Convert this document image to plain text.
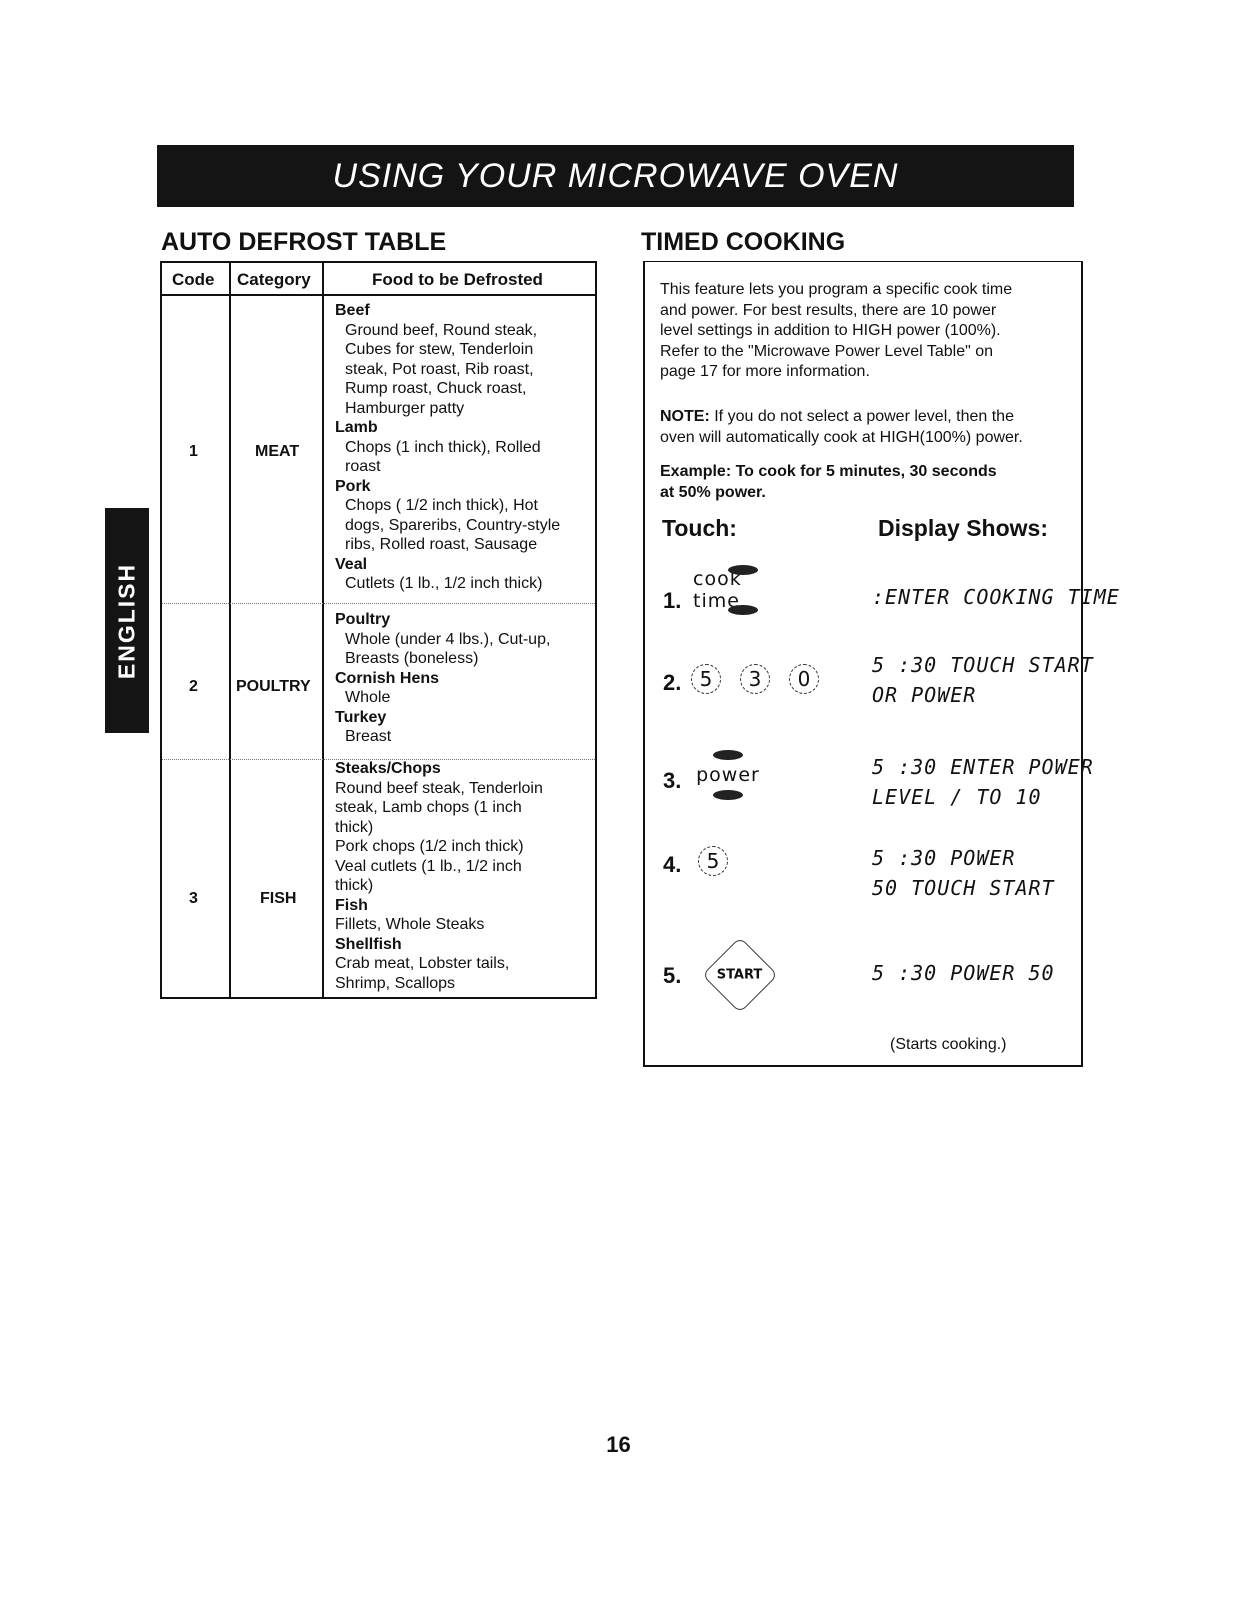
USING YOUR MICROWAVE OVEN
ENGLISH
AUTO DEFROST TABLE	TIMED COOKING
Code Category	Food to be Defrosted
1	MEAT
Beef
Ground beef, Round steak,
Cubes for stew, Tenderloin
steak, Pot roast, Rib roast,
Rump roast, Chuck roast,
Hamburger patty
Lamb
Chops (1 inch thick), Rolled
roast
Pork
Chops ( 1/2 inch thick), Hot
dogs, Spareribs, Country-style
ribs, Rolled roast, Sausage
Veal
Cutlets (1 lb., 1/2 inch thick)
2 POULTRY
Poultry
Whole (under 4 lbs.), Cut-up,
Breasts (boneless)
Cornish Hens
Whole
Turkey
Breast
3	FISH
Steaks/Chops
Round beef steak, Tenderloin
steak, Lamb chops (1 inch
thick)
Pork chops (1/2 inch thick)
Veal cutlets (1 lb., 1/2 inch
thick)
Fish
Fillets, Whole Steaks
Shellfish
Crab meat, Lobster tails,
Shrimp, Scallops
This feature lets you program a specific cook time
and power. For best results, there are 10 power
level settings in addition to HIGH power (100%).
Refer to the "Microwave Power Level Table" on
page 17 for more information.
NOTE: If you do not select a power level, then the
oven will automatically cook at HIGH(100%) power.
Example: To cook for 5 minutes, 30 seconds
at 50% power.
Touch:	Display Shows:
1.
cook time	:ENTER COOKING TIME
2. 5 3 0
5 :30 TOUCH START
OR POWER
3. power	5 :30 ENTER POWER
LEVEL / TO 10
4. 5	5 :30 POWER
50 TOUCH START
5.	START	5 :30 POWER 50
(Starts cooking.)
16
